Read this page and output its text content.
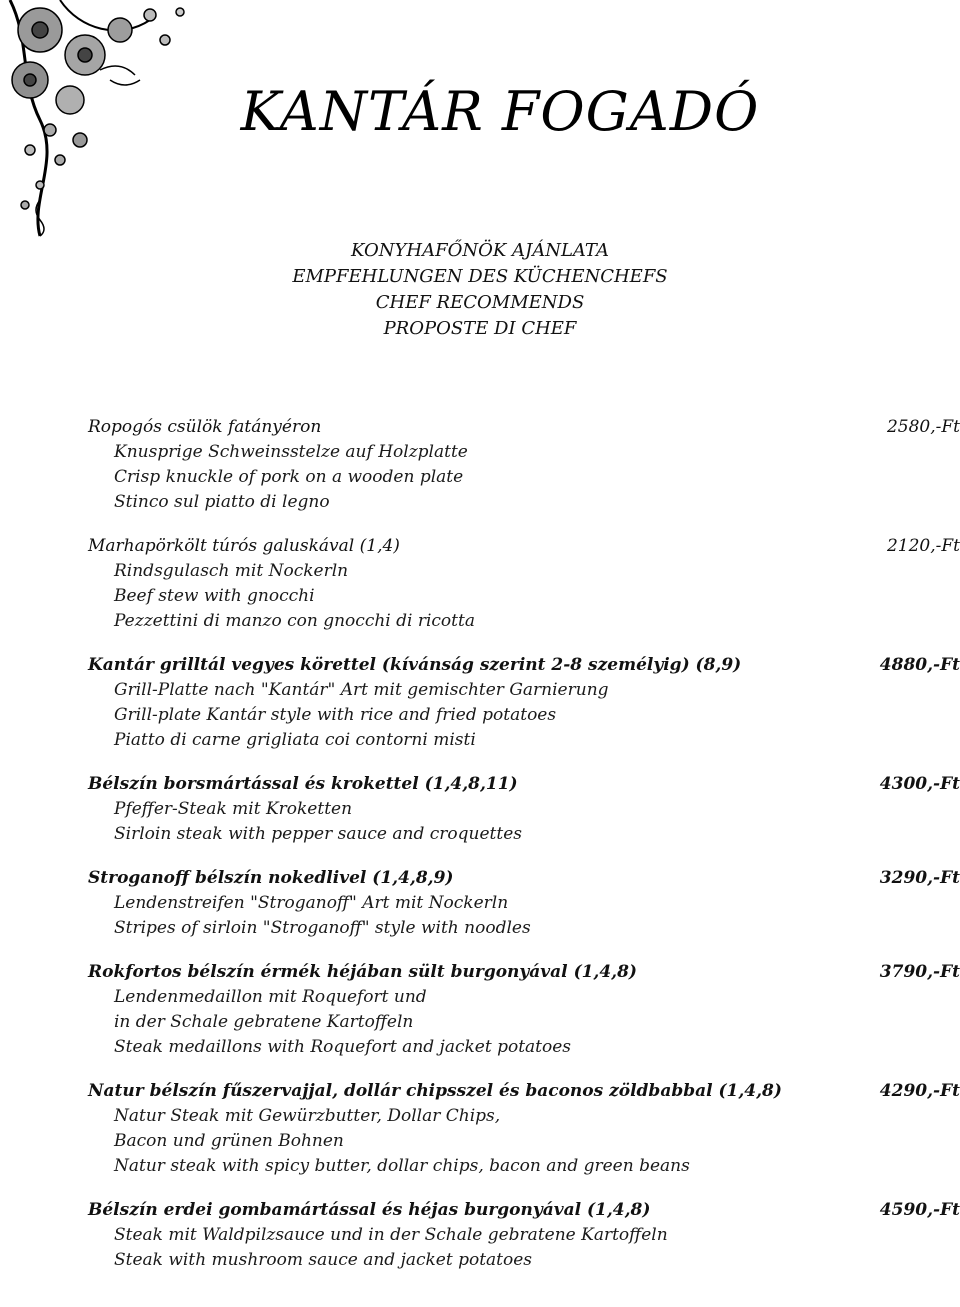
KANTÁR FOGADÓ
KONYHAFŐNÖK AJÁNLATA
EMPFEHLUNGEN DES KÜCHENCHEFS
CHEF RECOMMENDS
PROPOSTE DI CHEF
Ropogós csülök fatányéron	2580,-Ft
Knusprige Schweinsstelze auf Holzplatte
Crisp knuckle of pork on a wooden plate
Stinco sul piatto di legno
Marhapörkölt túrós galuskával (1,4)	2120,-Ft
Rindsgulasch mit Nockerln
Beef stew with gnocchi
Pezzettini di manzo con gnocchi di ricotta
Kantár grilltál vegyes körettel (kívánság szerint 2-8 személyig) (8,9)	4880,-Ft
Grill-Platte nach "Kantár" Art mit gemischter Garnierung
Grill-plate Kantár style with rice and fried potatoes
Piatto di carne grigliata coi contorni misti
Bélszín borsmártással és krokettel (1,4,8,11)	4300,-Ft
Pfeffer-Steak mit Kroketten
Sirloin steak with pepper sauce and croquettes
Stroganoff bélszín nokedlivel (1,4,8,9)	3290,-Ft
Lendenstreifen "Stroganoff" Art mit Nockerln
Stripes of sirloin "Stroganoff" style with noodles
Rokfortos bélszín érmék héjában sült burgonyával (1,4,8)	3790,-Ft
Lendenmedaillon mit Roquefort und
in der Schale gebratene Kartoffeln
Steak medaillons with Roquefort and jacket potatoes
Natur bélszín fűszervajjal, dollár chipsszel és baconos zöldbabbal (1,4,8)	4290,-Ft
Natur Steak mit Gewürzbutter, Dollar Chips,
Bacon und grünen Bohnen
Natur steak with spicy butter, dollar chips, bacon and green beans
Bélszín erdei gombamártással és héjas burgonyával (1,4,8)	4590,-Ft
Steak mit Waldpilzsauce und in der Schale gebratene Kartoffeln
Steak with mushroom sauce and jacket potatoes
